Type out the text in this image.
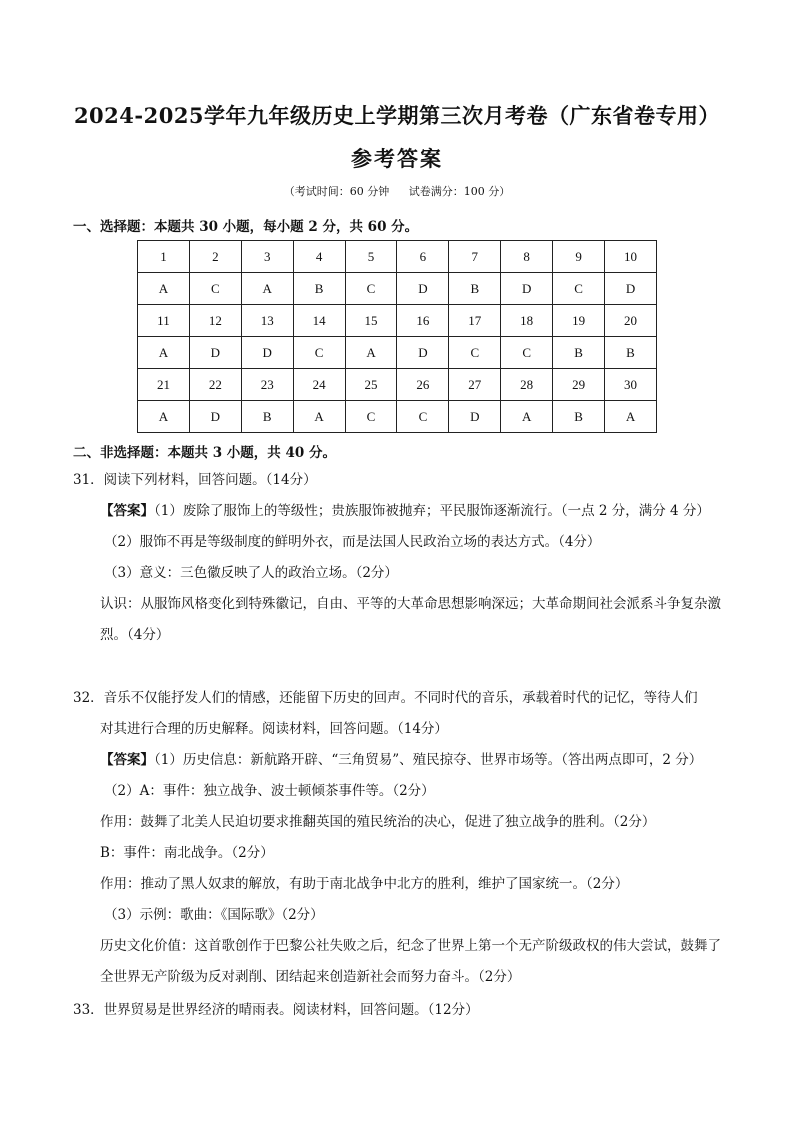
2024-2025学年九年级历史上学期第三次月考卷（广东省卷专用）
参考答案
（考试时间：60 分钟 试卷满分：100 分）
一、选择题：本题共 30 小题，每小题 2 分，共 60 分。
1	2	3	4	5	6	7	8	9	10
A	C	A	B	C	D	B	D	C	D
11	12	13	14	15	16	17	18	19	20
A	D	D	C	A	D	C	C	B	B
21	22	23	24	25	26	27	28	29	30
A	D	B	A	C	C	D	A	B	A
二、非选择题：本题共 3 小题，共 40 分。
31．阅读下列材料，回答问题。（14分）
【答案】（1）废除了服饰上的等级性；贵族服饰被抛弃；平民服饰逐渐流行。（一点 2 分，满分 4 分）
（2）服饰不再是等级制度的鲜明外衣，而是法国人民政治立场的表达方式。（4分）
（3）意义：三色徽反映了人的政治立场。（2分）
认识：从服饰风格变化到特殊徽记，自由、平等的大革命思想影响深远；大革命期间社会派系斗争复杂激烈。（4分）
32．音乐不仅能抒发人们的情感，还能留下历史的回声。不同时代的音乐，承载着时代的记忆，等待人们
对其进行合理的历史解释。阅读材料，回答问题。（14分）
【答案】（1）历史信息：新航路开辟、“三角贸易”、殖民掠夺、世界市场等。（答出两点即可，2 分）
（2）A：事件：独立战争、波士顿倾茶事件等。（2分）
作用：鼓舞了北美人民迫切要求推翻英国的殖民统治的决心，促进了独立战争的胜利。（2分）
B：事件：南北战争。（2分）
作用：推动了黑人奴隶的解放，有助于南北战争中北方的胜利，维护了国家统一。（2分）
（3）示例：歌曲：《国际歌》（2分）
历史文化价值：这首歌创作于巴黎公社失败之后，纪念了世界上第一个无产阶级政权的伟大尝试，鼓舞了全世界无产阶级为反对剥削、团结起来创造新社会而努力奋斗。（2分）
33．世界贸易是世界经济的晴雨表。阅读材料，回答问题。（12分）
